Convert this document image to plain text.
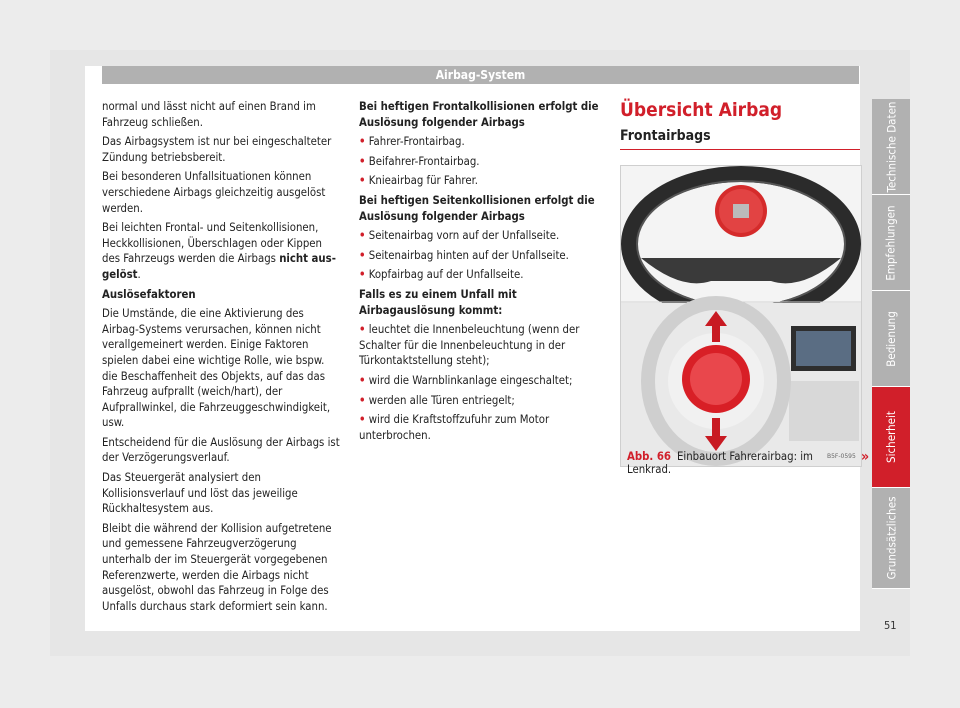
Airbag-System

normal und lässt nicht auf einen Brand im Fahrzeug schließen.

Das Airbagsystem ist nur bei eingeschalteter Zündung betriebsbereit.

Bei besonderen Unfallsituationen können verschiedene Airbags gleichzeitig ausgelöst werden.

Bei leichten Frontal- und Seitenkollisionen, Heckkollisionen, Überschlagen oder Kippen des Fahrzeugs werden die Airbags nicht aus-gelöst.

Auslösefaktoren

Die Umstände, die eine Aktivierung des Airbag-Systems verursachen, können nicht verallgemeinert werden. Einige Faktoren spielen dabei eine wichtige Rolle, wie bspw. die Beschaffenheit des Objekts, auf das das Fahrzeug aufprallt (weich/hart), der Aufprallwinkel, die Fahrzeuggeschwindigkeit, usw.

Entscheidend für die Auslösung der Airbags ist der Verzögerungsverlauf.

Das Steuergerät analysiert den Kollisionsverlauf und löst das jeweilige Rückhaltesystem aus.

Bleibt die während der Kollision aufgetretene und gemessene Fahrzeugverzögerung unterhalb der im Steuergerät vorgegebenen Referenzwerte, werden die Airbags nicht ausgelöst, obwohl das Fahrzeug in Folge des Unfalls durchaus stark deformiert sein kann.

Bei heftigen Frontalkollisionen erfolgt die Auslösung folgender Airbags

• Fahrer-Frontairbag.

• Beifahrer-Frontairbag.

• Knieairbag für Fahrer.

Bei heftigen Seitenkollisionen erfolgt die Auslösung folgender Airbags

• Seitenairbag vorn auf der Unfallseite.

• Seitenairbag hinten auf der Unfallseite.

• Kopfairbag auf der Unfallseite.

Falls es zu einem Unfall mit Airbagauslösung kommt:

• leuchtet die Innenbeleuchtung (wenn der Schalter für die Innenbeleuchtung in der Türkontaktstellung steht);

• wird die Warnblinkanlage eingeschaltet;

• werden alle Türen entriegelt;

• wird die Kraftstoffzufuhr zum Motor unterbrochen.

Übersicht Airbag
Frontairbags
B5F-0595
Abb. 66 Einbauort Fahrerairbag: im Lenkrad.
»
Technische Daten
Empfehlungen
Bedienung
Sicherheit
Grundsätzliches
51
